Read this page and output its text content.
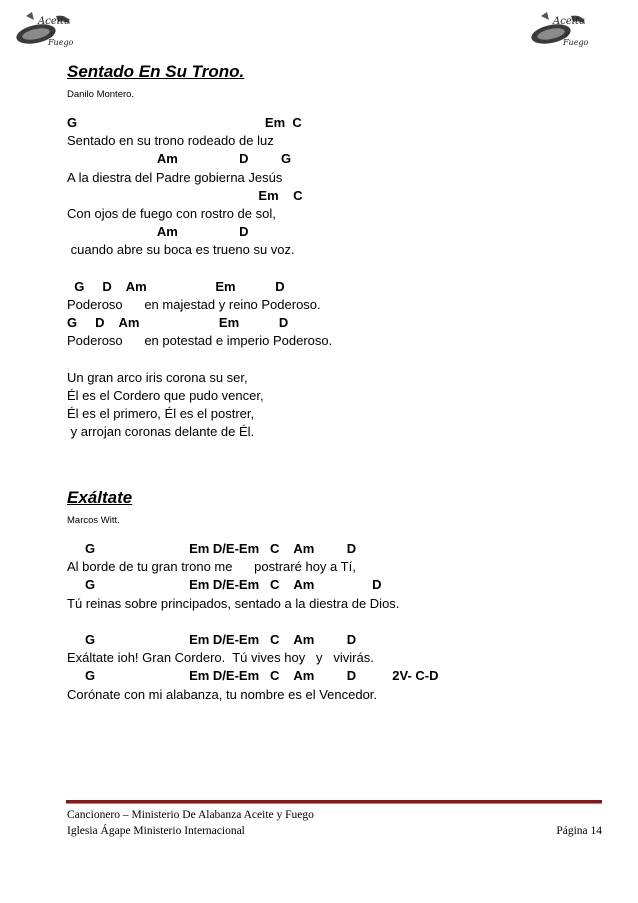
Aceite
y
Fuego
Aceite
y
Fuego
Sentado En Su Trono.
Danilo Montero.
G                                                    Em  C
Sentado en su trono rodeado de luz
Am                 D         G
A la diestra del Padre gobierna Jesús
Em    C
Con ojos de fuego con rostro de sol,
Am                 D
cuando abre su boca es trueno su voz.
G     D    Am                   Em           D
Poderoso      en majestad y reino Poderoso.
G     D    Am                      Em           D
Poderoso      en potestad e imperio Poderoso.
Un gran arco iris corona su ser,
Él es el Cordero que pudo vencer,
Él es el primero, Él es el postrer,
y arrojan coronas delante de Él.
Exáltate
Marcos Witt.
G                          Em D/E-Em   C    Am         D
Al borde de tu gran trono me      postraré hoy a Tí,
G                          Em D/E-Em   C    Am                D
Tú reinas sobre principados, sentado a la diestra de Dios.
G                          Em D/E-Em   C    Am         D
Exáltate ioh! Gran Cordero.  Tú vives hoy   y   vivirás.
G                          Em D/E-Em   C    Am         D          2V- C-D
Corónate con mi alabanza, tu nombre es el Vencedor.
Cancionero – Ministerio De Alabanza Aceite y Fuego
Iglesia Ágape Ministerio Internacional	Página 14
